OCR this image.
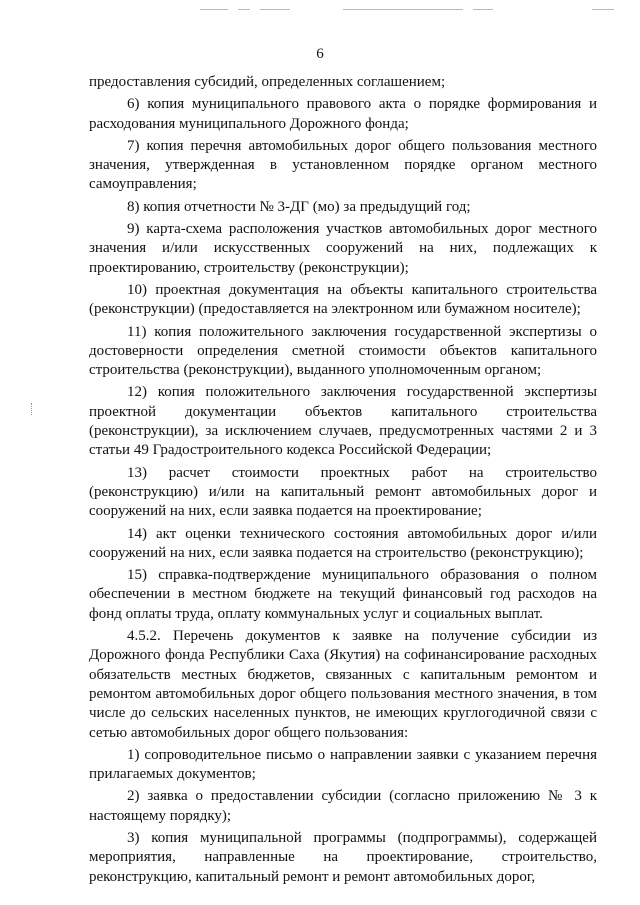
6

предоставления субсидий, определенных соглашением;

6) копия муниципального правового акта о порядке формирования и расходования муниципального Дорожного фонда;

7) копия перечня автомобильных дорог общего пользования местного значения, утвержденная в установленном порядке органом местного самоуправления;

8) копия отчетности № 3-ДГ (мо) за предыдущий год;

9) карта-схема расположения участков автомобильных дорог местного значения и/или искусственных сооружений на них, подлежащих к проектированию, строительству (реконструкции);

10) проектная документация на объекты капитального строительства (реконструкции) (предоставляется на электронном или бумажном носителе);

11) копия положительного заключения государственной экспертизы о достоверности определения сметной стоимости объектов капитального строительства (реконструкции), выданного уполномоченным органом;

12) копия положительного заключения государственной экспертизы проектной документации объектов капитального строительства (реконструкции), за исключением случаев, предусмотренных частями 2 и 3 статьи 49 Градостроительного кодекса Российской Федерации;

13) расчет стоимости проектных работ на строительство (реконструкцию) и/или на капитальный ремонт автомобильных дорог и сооружений на них, если заявка подается на проектирование;

14) акт оценки технического состояния автомобильных дорог и/или сооружений на них, если заявка подается на строительство (реконструкцию);

15) справка-подтверждение муниципального образования о полном обеспечении в местном бюджете на текущий финансовый год расходов на фонд оплаты труда, оплату коммунальных услуг и социальных выплат.

4.5.2. Перечень документов к заявке на получение субсидии из Дорожного фонда Республики Саха (Якутия) на софинансирование расходных обязательств местных бюджетов, связанных с капитальным ремонтом и ремонтом автомобильных дорог общего пользования местного значения, в том числе до сельских населенных пунктов, не имеющих круглогодичной связи с сетью автомобильных дорог общего пользования:

1) сопроводительное письмо о направлении заявки с указанием перечня прилагаемых документов;

2) заявка о предоставлении субсидии (согласно приложению № 3 к настоящему порядку);

3) копия муниципальной программы (подпрограммы), содержащей мероприятия, направленные на проектирование, строительство, реконструкцию, капитальный ремонт и ремонт автомобильных дорог,
